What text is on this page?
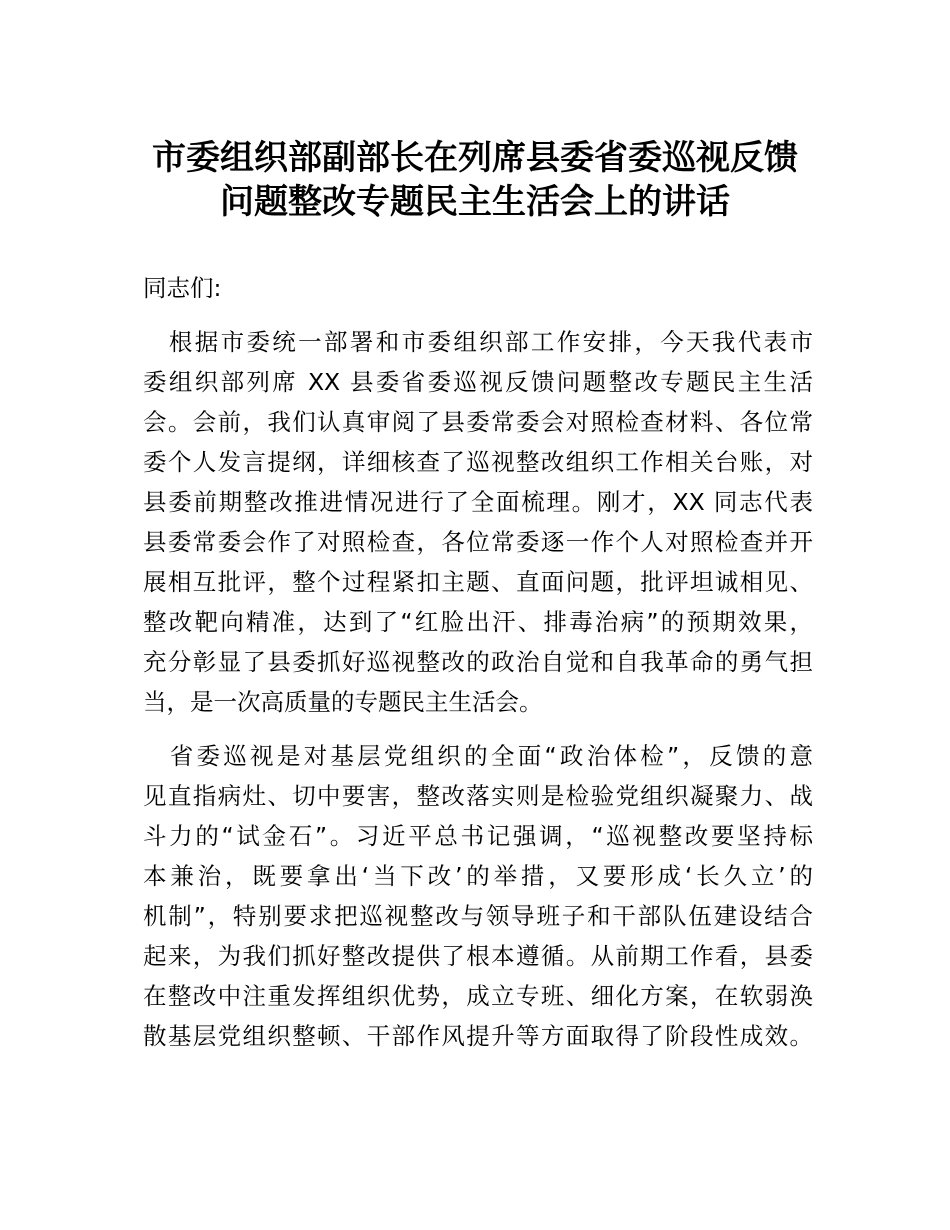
市委组织部副部长在列席县委省委巡视反馈
问题整改专题民主生活会上的讲话
同志们:
　根据市委统一部署和市委组织部工作安排，今天我代表市
委组织部列席 XX 县委省委巡视反馈问题整改专题民主生活
会。会前，我们认真审阅了县委常委会对照检查材料、各位常
委个人发言提纲，详细核查了巡视整改组织工作相关台账，对
县委前期整改推进情况进行了全面梳理。刚才，XX 同志代表
县委常委会作了对照检查，各位常委逐一作个人对照检查并开
展相互批评，整个过程紧扣主题、直面问题，批评坦诚相见、
整改靶向精准，达到了“红脸出汗、排毒治病”的预期效果，
充分彰显了县委抓好巡视整改的政治自觉和自我革命的勇气担
当，是一次高质量的专题民主生活会。
　省委巡视是对基层党组织的全面“政治体检”，反馈的意
见直指病灶、切中要害，整改落实则是检验党组织凝聚力、战
斗力的“试金石”。习近平总书记强调，“巡视整改要坚持标
本兼治，既要拿出‘当下改’的举措，又要形成‘长久立’的
机制”，特别要求把巡视整改与领导班子和干部队伍建设结合
起来，为我们抓好整改提供了根本遵循。从前期工作看，县委
在整改中注重发挥组织优势，成立专班、细化方案，在软弱涣
散基层党组织整顿、干部作风提升等方面取得了阶段性成效。
